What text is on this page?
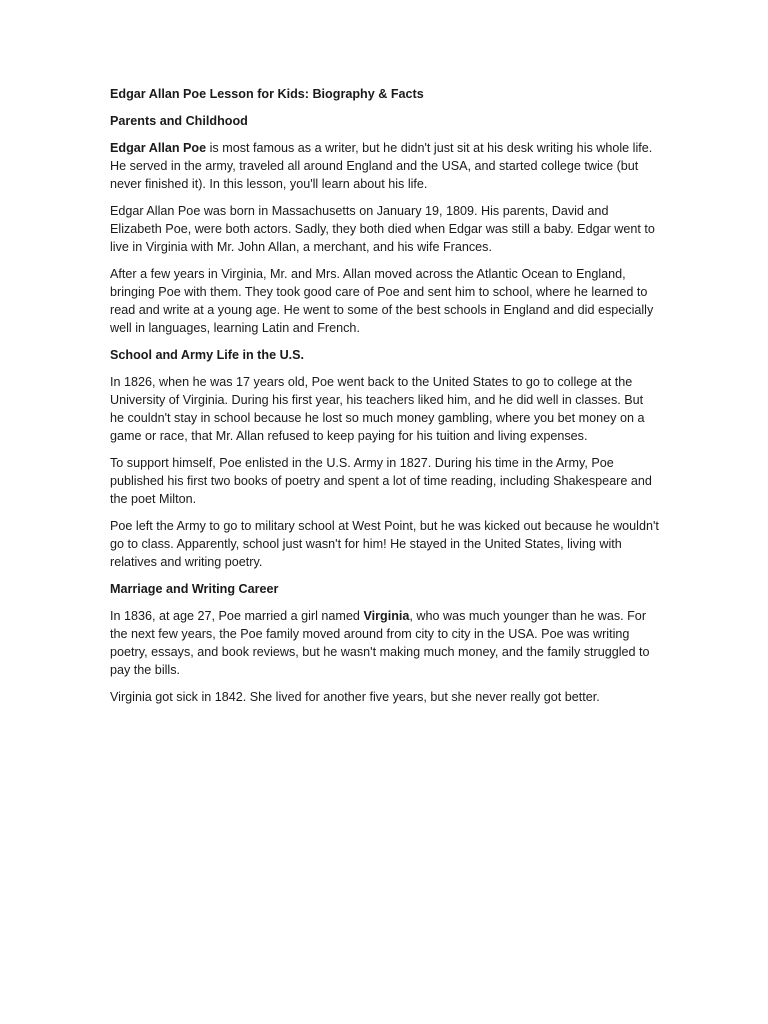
Edgar Allan Poe Lesson for Kids: Biography & Facts
Parents and Childhood
Edgar Allan Poe is most famous as a writer, but he didn't just sit at his desk writing his whole life. He served in the army, traveled all around England and the USA, and started college twice (but never finished it). In this lesson, you'll learn about his life.
Edgar Allan Poe was born in Massachusetts on January 19, 1809. His parents, David and Elizabeth Poe, were both actors. Sadly, they both died when Edgar was still a baby. Edgar went to live in Virginia with Mr. John Allan, a merchant, and his wife Frances.
After a few years in Virginia, Mr. and Mrs. Allan moved across the Atlantic Ocean to England, bringing Poe with them. They took good care of Poe and sent him to school, where he learned to read and write at a young age. He went to some of the best schools in England and did especially well in languages, learning Latin and French.
School and Army Life in the U.S.
In 1826, when he was 17 years old, Poe went back to the United States to go to college at the University of Virginia. During his first year, his teachers liked him, and he did well in classes. But he couldn't stay in school because he lost so much money gambling, where you bet money on a game or race, that Mr. Allan refused to keep paying for his tuition and living expenses.
To support himself, Poe enlisted in the U.S. Army in 1827. During his time in the Army, Poe published his first two books of poetry and spent a lot of time reading, including Shakespeare and the poet Milton.
Poe left the Army to go to military school at West Point, but he was kicked out because he wouldn't go to class. Apparently, school just wasn't for him! He stayed in the United States, living with relatives and writing poetry.
Marriage and Writing Career
In 1836, at age 27, Poe married a girl named Virginia, who was much younger than he was. For the next few years, the Poe family moved around from city to city in the USA. Poe was writing poetry, essays, and book reviews, but he wasn't making much money, and the family struggled to pay the bills.
Virginia got sick in 1842. She lived for another five years, but she never really got better.
